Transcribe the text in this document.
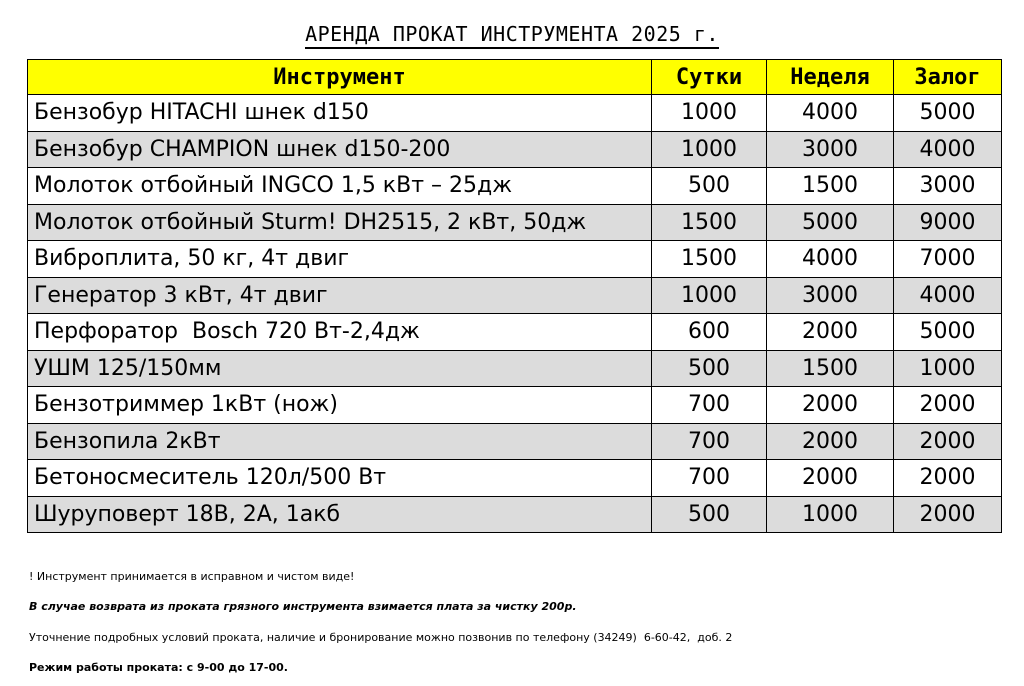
АРЕНДА ПРОКАТ ИНСТРУМЕНТА 2025 г.
Инструмент	Сутки	Неделя	Залог
Бензобур HITACHI шнек d150	1000	4000	5000
Бензобур CHAMPION шнек d150-200	1000	3000	4000
Молоток отбойный INGCO 1,5 кВт – 25дж	500	1500	3000
Молоток отбойный Sturm! DH2515, 2 кВт, 50дж	1500	5000	9000
Виброплита, 50 кг, 4т двиг	1500	4000	7000
Генератор 3 кВт, 4т двиг	1000	3000	4000
Перфоратор  Bosch 720 Вт-2,4дж	600	2000	5000
УШМ 125/150мм	500	1500	1000
Бензотриммер 1кВт (нож)	700	2000	2000
Бензопила 2кВт	700	2000	2000
Бетоносмеситель 120л/500 Вт	700	2000	2000
Шуруповерт 18В, 2А, 1акб	500	1000	2000
! Инструмент принимается в исправном и чистом виде!
В случае возврата из проката грязного инструмента взимается плата за чистку 200р.
Уточнение подробных условий проката, наличие и бронирование можно позвонив по телефону (34249)  6-60-42,  доб. 2
Режим работы проката: с 9-00 до 17-00.
